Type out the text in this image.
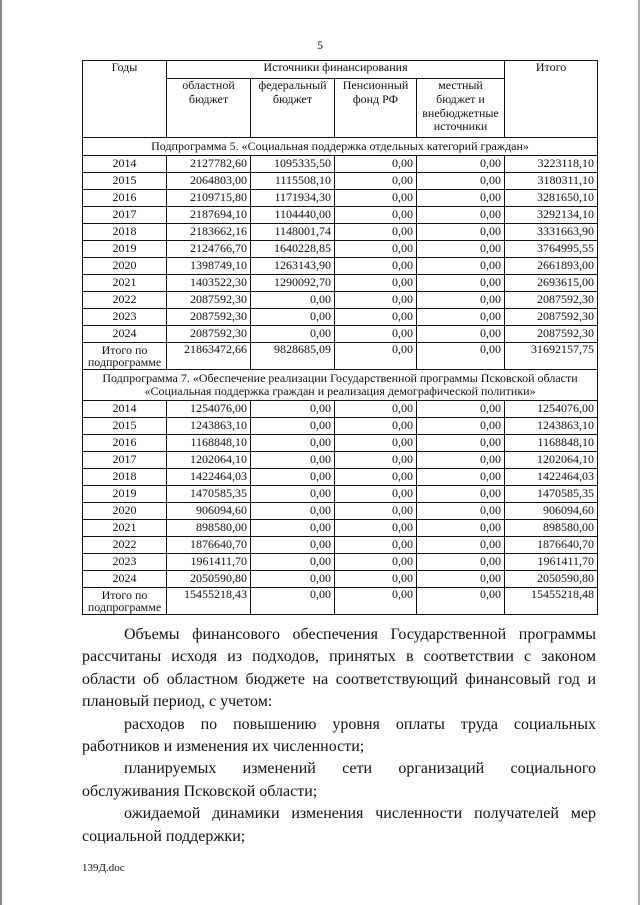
5
Годы	Источники финансирования				Итого
	областной бюджет	федеральный бюджет	Пенсионный фонд РФ	местный бюджет и внебюджетные источники	
Подпрограмма 5. «Социальная поддержка отдельных категорий граждан»					
2014	2127782,60	1095335,50	0,00	0,00	3223118,10
2015	2064803,00	1115508,10	0,00	0,00	3180311,10
2016	2109715,80	1171934,30	0,00	0,00	3281650,10
2017	2187694,10	1104440,00	0,00	0,00	3292134,10
2018	2183662,16	1148001,74	0,00	0,00	3331663,90
2019	2124766,70	1640228,85	0,00	0,00	3764995,55
2020	1398749,10	1263143,90	0,00	0,00	2661893,00
2021	1403522,30	1290092,70	0,00	0,00	2693615,00
2022	2087592,30	0,00	0,00	0,00	2087592,30
2023	2087592,30	0,00	0,00	0,00	2087592,30
2024	2087592,30	0,00	0,00	0,00	2087592,30
Итого по подпрограмме	21863472,66	9828685,09	0,00	0,00	31692157,75
Подпрограмма 7. «Обеспечение реализации Государственной программы Псковской области «Социальная поддержка граждан и реализация демографической политики»					
2014	1254076,00	0,00	0,00	0,00	1254076,00
2015	1243863,10	0,00	0,00	0,00	1243863,10
2016	1168848,10	0,00	0,00	0,00	1168848,10
2017	1202064,10	0,00	0,00	0,00	1202064,10
2018	1422464,03	0,00	0,00	0,00	1422464,03
2019	1470585,35	0,00	0,00	0,00	1470585,35
2020	906094,60	0,00	0,00	0,00	906094,60
2021	898580,00	0,00	0,00	0,00	898580,00
2022	1876640,70	0,00	0,00	0,00	1876640,70
2023	1961411,70	0,00	0,00	0,00	1961411,70
2024	2050590,80	0,00	0,00	0,00	2050590,80
Итого по подпрограмме	15455218,43	0,00	0,00	0,00	15455218,48

Объемы финансового обеспечения Государственной программы рассчитаны исходя из подходов, принятых в соответствии с законом области об областном бюджете на соответствующий финансовый год и плановый период, с учетом:

расходов по повышению уровня оплаты труда социальных работников и изменения их численности;

планируемых изменений сети организаций социального обслуживания Псковской области;

ожидаемой динамики изменения численности получателей мер социальной поддержки;

139Д.doc
